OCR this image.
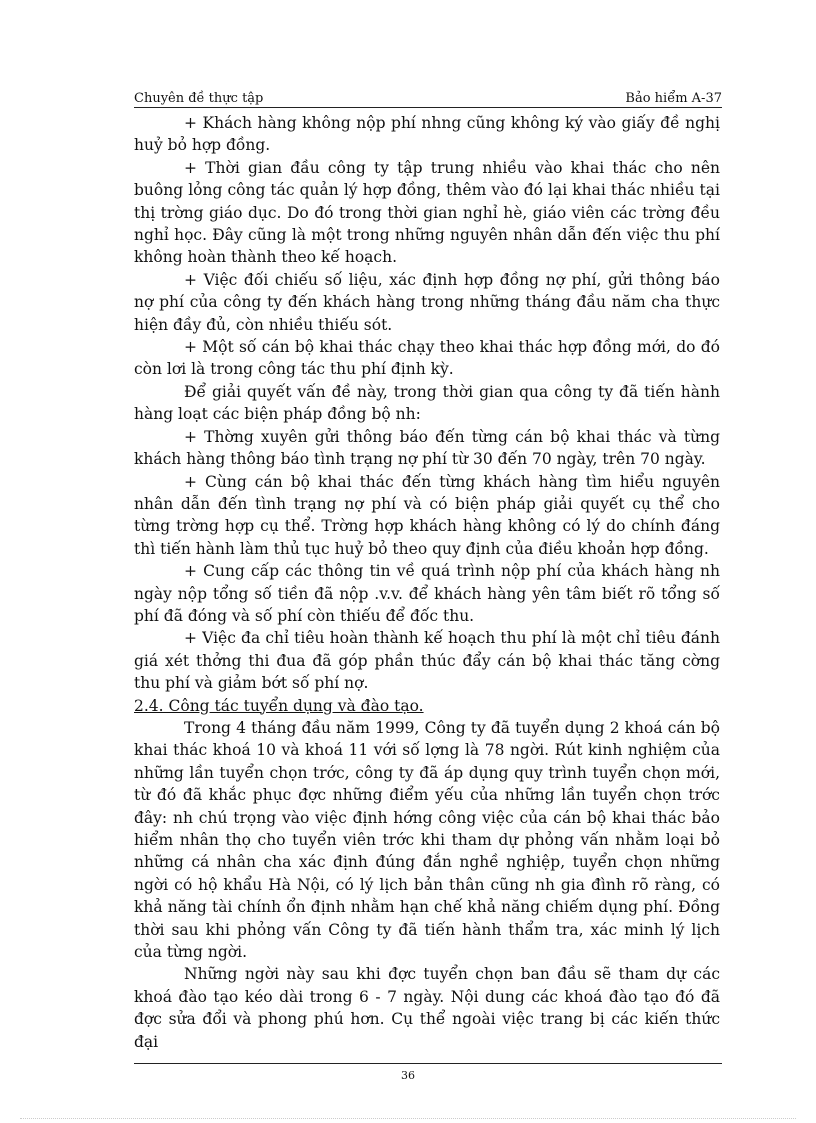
Chuyên đề thực tập	Bảo hiểm A-37

+ Khách hàng không nộp phí nhng cũng không ký vào giấy đề nghị huỷ bỏ hợp đồng.

+ Thời gian đầu công ty tập trung nhiều vào khai thác cho nên buông lỏng công tác quản lý hợp đồng, thêm vào đó lại khai thác nhiều tại thị trờng giáo dục. Do đó trong thời gian nghỉ hè, giáo viên các trờng đều nghỉ học. Đây cũng là một trong những nguyên nhân dẫn đến việc thu phí không hoàn thành theo kế hoạch.

+ Việc đối chiếu số liệu, xác định hợp đồng nợ phí, gửi thông báo nợ phí của công ty đến khách hàng trong những tháng đầu năm cha thực hiện đầy đủ, còn nhiều thiếu sót.

+ Một số cán bộ khai thác chạy theo khai thác hợp đồng mới, do đó còn lơi là trong công tác thu phí định kỳ.

Để giải quyết vấn đề này, trong thời gian qua công ty đã tiến hành hàng loạt các biện pháp đồng bộ nh:

+ Thờng xuyên gửi thông báo đến từng cán bộ khai thác và từng khách hàng thông báo tình trạng nợ phí từ 30 đến 70 ngày, trên 70 ngày.

+ Cùng cán bộ khai thác đến từng khách hàng tìm hiểu nguyên nhân dẫn đến tình trạng nợ phí và có biện pháp giải quyết cụ thể cho từng trờng hợp cụ thể. Trờng hợp khách hàng không có lý do chính đáng thì tiến hành làm thủ tục huỷ bỏ theo quy định của điều khoản hợp đồng.

+ Cung cấp các thông tin về quá trình nộp phí của khách hàng nh ngày nộp tổng số tiền đã nộp .v.v. để khách hàng yên tâm biết rõ tổng số phí đã đóng và số phí còn thiếu để đốc thu.

+ Việc đa chỉ tiêu hoàn thành kế hoạch thu phí là một chỉ tiêu đánh giá xét thởng thi đua đã góp phần thúc đẩy cán bộ khai thác tăng cờng thu phí và giảm bớt số phí nợ.

2.4. Công tác tuyển dụng và đào tạo.

Trong 4 tháng đầu năm 1999, Công ty đã tuyển dụng 2 khoá cán bộ khai thác khoá 10 và khoá 11 với số lợng là 78 ngời. Rút kinh nghiệm của những lần tuyển chọn trớc, công ty đã áp dụng quy trình tuyển chọn mới, từ đó đã khắc phục đợc những điểm yếu của những lần tuyển chọn trớc đây: nh chú trọng vào việc định hớng công việc của cán bộ khai thác bảo hiểm nhân thọ cho tuyển viên trớc khi tham dự phỏng vấn nhằm loại bỏ những cá nhân cha xác định đúng đắn nghề nghiệp, tuyển chọn những ngời có hộ khẩu Hà Nội, có lý lịch bản thân cũng nh gia đình rõ ràng, có khả năng tài chính ổn định nhằm hạn chế khả năng chiếm dụng phí. Đồng thời sau khi phỏng vấn Công ty đã tiến hành thẩm tra, xác minh lý lịch của từng ngời.

Những ngời này sau khi đợc tuyển chọn ban đầu sẽ tham dự các khoá đào tạo kéo dài trong 6 - 7 ngày. Nội dung các khoá đào tạo đó đã đợc sửa đổi và phong phú hơn. Cụ thể ngoài việc trang bị các kiến thức đại

36
